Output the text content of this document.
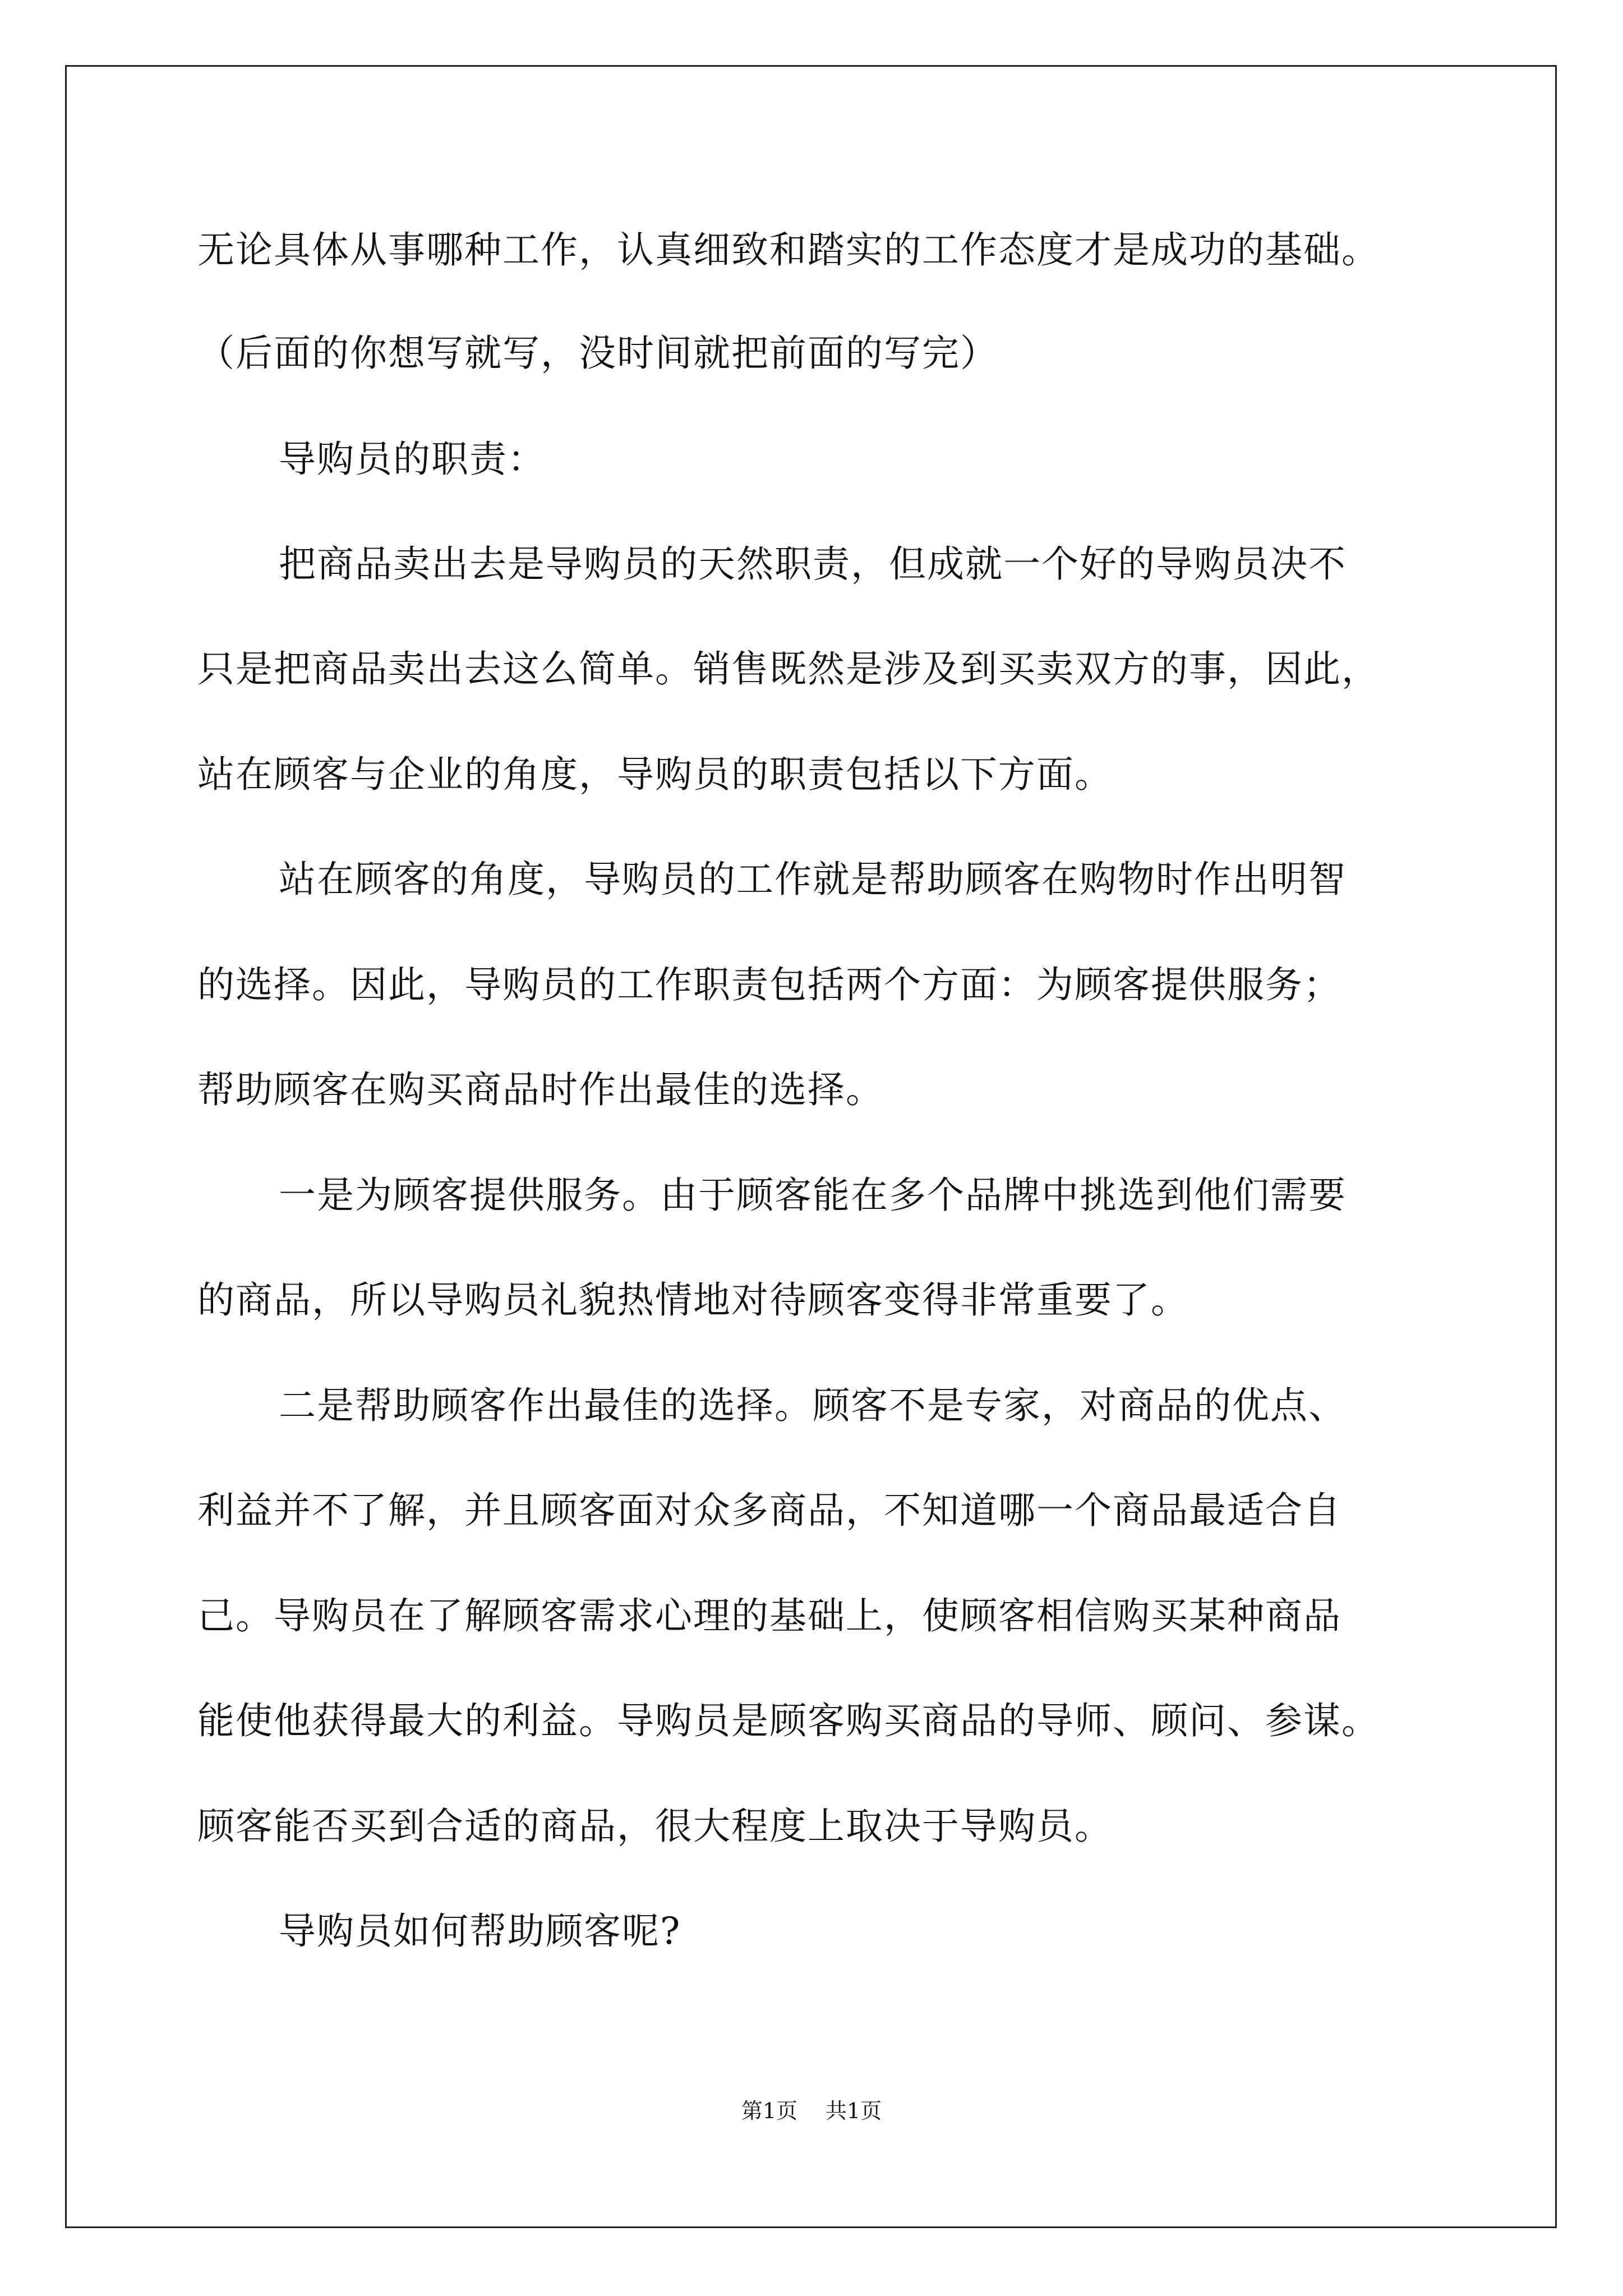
无论具体从事哪种工作，认真细致和踏实的工作态度才是成功的基础。

（后面的你想写就写，没时间就把前面的写完）

导购员的职责：

把商品卖出去是导购员的天然职责，但成就一个好的导购员决不

只是把商品卖出去这么简单。销售既然是涉及到买卖双方的事，因此，

站在顾客与企业的角度，导购员的职责包括以下方面。

站在顾客的角度，导购员的工作就是帮助顾客在购物时作出明智

的选择。因此，导购员的工作职责包括两个方面：为顾客提供服务；

帮助顾客在购买商品时作出最佳的选择。

一是为顾客提供服务。由于顾客能在多个品牌中挑选到他们需要

的商品，所以导购员礼貌热情地对待顾客变得非常重要了。

二是帮助顾客作出最佳的选择。顾客不是专家，对商品的优点、

利益并不了解，并且顾客面对众多商品，不知道哪一个商品最适合自

己。导购员在了解顾客需求心理的基础上，使顾客相信购买某种商品

能使他获得最大的利益。导购员是顾客购买商品的导师、顾问、参谋。

顾客能否买到合适的商品，很大程度上取决于导购员。

导购员如何帮助顾客呢?

第1页 共1页
